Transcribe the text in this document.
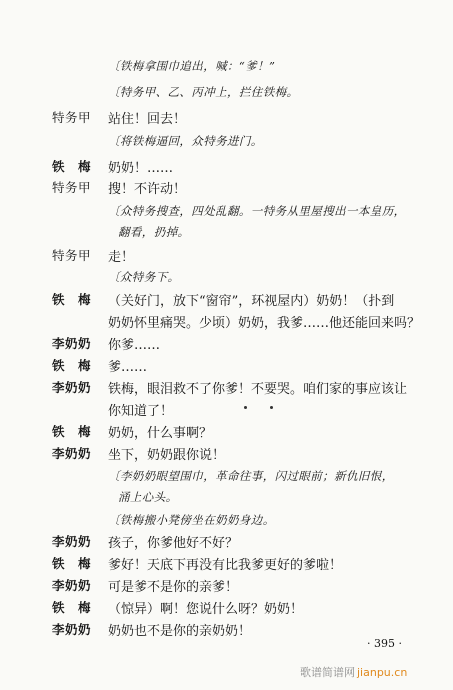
〔铁梅拿围巾追出，喊：“爹！”
〔特务甲、乙、丙冲上，拦住铁梅。
特务甲	站住！回去！
〔将铁梅逼回，众特务进门。
铁　梅	奶奶！……
特务甲	搜！不许动！
〔众特务搜查，四处乱翻。一特务从里屋搜出一本皇历，
翻看，扔掉。
特务甲	走！
〔众特务下。
铁　梅	（关好门，放下“窗帘”，环视屋内）奶奶！（扑到
奶奶怀里痛哭。少顷）奶奶，我爹……他还能回来吗？
李奶奶	你爹……
铁　梅	爹……
李奶奶	铁梅，眼泪救不了你爹！不要哭。咱们家的事应该让
你知道了！
铁　梅	奶奶，什么事啊？
李奶奶	坐下，奶奶跟你说！
〔李奶奶眼望围巾，革命往事，闪过眼前；新仇旧恨，
涌上心头。
〔铁梅搬小凳傍坐在奶奶身边。
李奶奶	孩子，你爹他好不好？
铁　梅	爹好！天底下再没有比我爹更好的爹啦！
李奶奶	可是爹不是你的亲爹！
铁　梅	（惊异）啊！您说什么呀？奶奶！
李奶奶	奶奶也不是你的亲奶奶！
· 395 ·
歌谱简谱网 jianpu.cn
